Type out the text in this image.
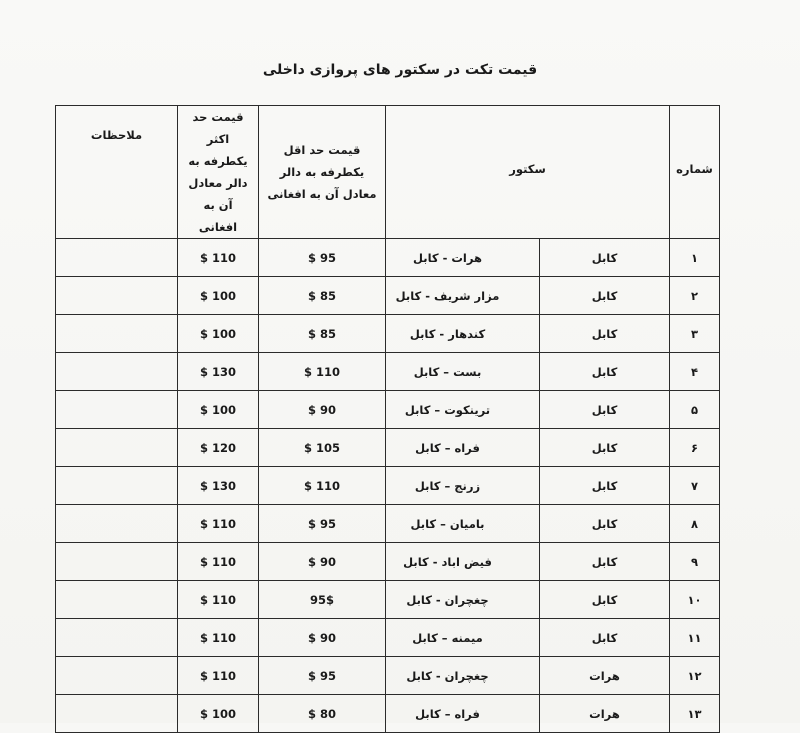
قیمت تکت در سکتور های پروازی داخلی
شماره	سکتور		قیمت حد اقل یکطرفه به دالر معادل آن به افغانی	قیمت حد اکثر یکطرفه به دالر معادل آن به افغانی	ملاحظات

۱	کابل	هرات - کابل	95 $	110 $	
۲	کابل	مزار شریف - کابل	85 $	100 $	
۳	کابل	کندهار - کابل	85 $	100 $	
۴	کابل	بست – کابل	110 $	130 $	
۵	کابل	ترینکوت – کابل	90 $	100 $	
۶	کابل	فراه – کابل	105 $	120 $	
۷	کابل	زرنج – کابل	110 $	130 $	
۸	کابل	بامیان – کابل	95 $	110 $	
۹	کابل	فیض اباد - کابل	90 $	110 $	
۱۰	کابل	چغچران - کابل	95$	110 $	
۱۱	کابل	میمنه – کابل	90 $	110 $	
۱۲	هرات	چغچران - کابل	95 $	110 $	
۱۳	هرات	فراه – کابل	80 $	100 $	
